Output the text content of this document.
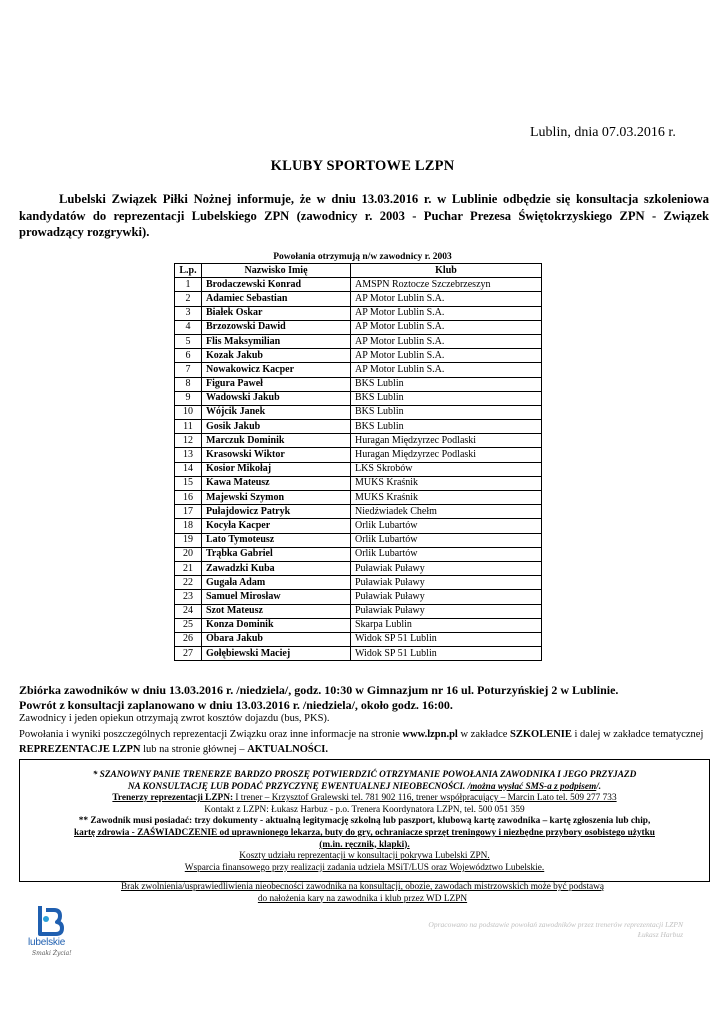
Lublin, dnia 07.03.2016 r.
KLUBY SPORTOWE LZPN
Lubelski Związek Piłki Nożnej informuje, że w dniu 13.03.2016 r. w Lublinie odbędzie się konsultacja szkoleniowa kandydatów do reprezentacji Lubelskiego ZPN (zawodnicy r. 2003 - Puchar Prezesa Świętokrzyskiego ZPN - Związek prowadzący rozgrywki).
Powołania otrzymują n/w zawodnicy r. 2003
L.p.	Nazwisko Imię	Klub
1	Brodaczewski Konrad	AMSPN Roztocze Szczebrzeszyn
2	Adamiec Sebastian	AP Motor Lublin S.A.
3	Białek Oskar	AP Motor Lublin S.A.
4	Brzozowski Dawid	AP Motor Lublin S.A.
5	Flis Maksymilian	AP Motor Lublin S.A.
6	Kozak Jakub	AP Motor Lublin S.A.
7	Nowakowicz Kacper	AP Motor Lublin S.A.
8	Figura Paweł	BKS Lublin
9	Wadowski Jakub	BKS Lublin
10	Wójcik Janek	BKS Lublin
11	Gosik Jakub	BKS Lublin
12	Marczuk Dominik	Huragan Międzyrzec Podlaski
13	Krasowski Wiktor	Huragan Międzyrzec Podlaski
14	Kosior Mikołaj	LKS Skrobów
15	Kawa Mateusz	MUKS Kraśnik
16	Majewski Szymon	MUKS Kraśnik
17	Pułajdowicz Patryk	Niedźwiadek Chełm
18	Kocyła Kacper	Orlik Lubartów
19	Lato Tymoteusz	Orlik Lubartów
20	Trąbka Gabriel	Orlik Lubartów
21	Zawadzki Kuba	Puławiak Puławy
22	Gugała Adam	Puławiak Puławy
23	Samuel Mirosław	Puławiak Puławy
24	Szot Mateusz	Puławiak Puławy
25	Konza Dominik	Skarpa Lublin
26	Obara Jakub	Widok SP 51 Lublin
27	Gołębiewski Maciej	Widok SP 51 Lublin
Zbiórka zawodników w dniu 13.03.2016 r. /niedziela/, godz. 10:30 w Gimnazjum nr 16 ul. Poturzyńskiej 2 w Lublinie.
Powrót z konsultacji zaplanowano w dniu 13.03.2016 r. /niedziela/, około godz. 16:00.
Zawodnicy i jeden opiekun otrzymają zwrot kosztów dojazdu (bus, PKS).
Powołania i wyniki poszczególnych reprezentacji Związku oraz inne informacje na stronie www.lzpn.pl w zakładce SZKOLENIE i dalej w zakładce tematycznej REPREZENTACJE LZPN lub na stronie głównej – AKTUALNOŚCI.
* SZANOWNY PANIE TRENERZE BARDZO PROSZĘ POTWIERDZIĆ OTRZYMANIE POWOŁANIA ZAWODNIKA I JEGO PRZYJAZD
NA KONSULTACJĘ LUB PODAĆ PRZYCZYNĘ EWENTUALNEJ NIEOBECNOŚCI. /można wysłać SMS-a z podpisem/.
Trenerzy reprezentacji LZPN: I trener – Krzysztof Gralewski tel. 781 902 116, trener współpracujący – Marcin Lato tel. 509 277 733
Kontakt z LZPN: Łukasz Harbuz - p.o. Trenera Koordynatora LZPN, tel. 500 051 359
** Zawodnik musi posiadać: trzy dokumenty - aktualną legitymację szkolną lub paszport, klubową kartę zawodnika – kartę zgłoszenia lub chip,
kartę zdrowia - ZAŚWIADCZENIE od uprawnionego lekarza, buty do gry, ochraniacze sprzęt treningowy i niezbędne przybory osobistego użytku
(m.in. ręcznik, klapki).
Koszty udziału reprezentacji w konsultacji pokrywa Lubelski ZPN.
Wsparcia finansowego przy realizacji zadania udziela MSiT/LUS oraz Województwo Lubelskie.
Brak zwolnienia/usprawiedliwienia nieobecności zawodnika na konsultacji, obozie, zawodach mistrzowskich może być podstawą
do nałożenia kary na zawodnika i klub przez WD LZPN
lubelskie
Smaki Życia!
Opracowano na podstawie powołań zawodników przez trenerów reprezentacji LZPN
Łukasz Harbuz
